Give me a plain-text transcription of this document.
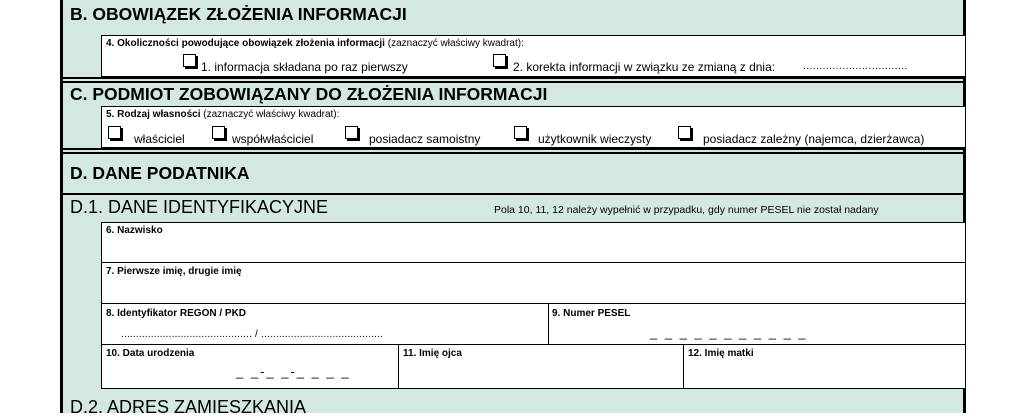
B. OBOWIĄZEK ZŁOŻENIA INFORMACJI
4. Okoliczności powodujące obowiązek złożenia informacji (zaznaczyć właściwy kwadrat):
1. informacja składana po raz pierwszy	2. korekta informacji w związku ze zmianą z dnia:	................................
C. PODMIOT ZOBOWIĄZANY DO ZŁOŻENIA INFORMACJI
5. Rodzaj własności (zaznaczyć właściwy kwadrat):
właściciel	współwłaściciel	posiadacz samoistny	użytkownik wieczysty	posiadacz zależny (najemca, dzierżawca)
D. DANE PODATNIKA
D.1. DANE IDENTYFIKACYJNE	Pola 10, 11, 12 należy wypełnić w przypadku, gdy numer PESEL nie został nadany
6. Nazwisko
7. Pierwsze imię, drugie imię
8. Identyfikator REGON / PKD
............................................ / .........................................
9. Numer PESEL
_ _ _ _ _ _ _ _ _ _ _
10. Data urodzenia
_ _-_ _-_ _ _ _
11. Imię ojca	12. Imię matki
D.2. ADRES ZAMIESZKANIA
